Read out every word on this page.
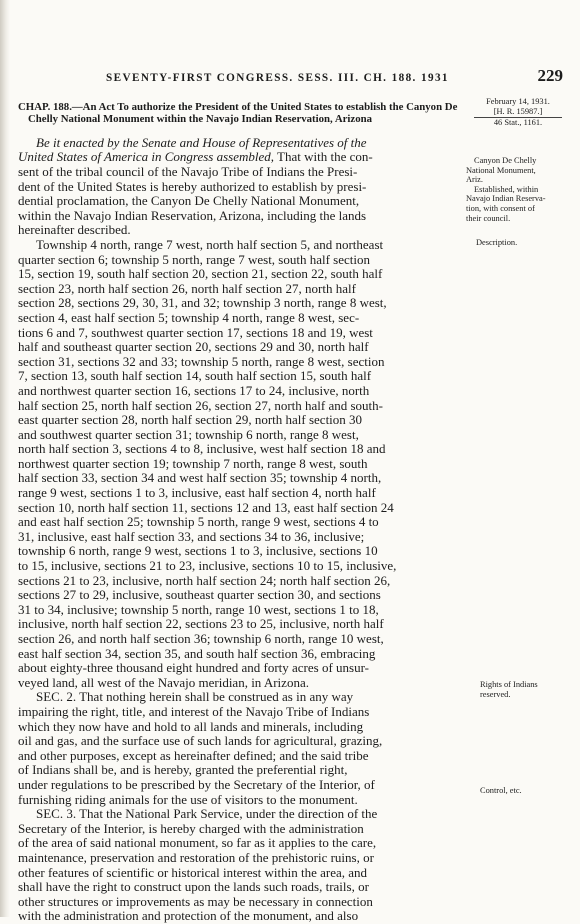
SEVENTY-FIRST CONGRESS. SESS. III. CH. 188. 1931	229

CHAP. 188.—An Act To authorize the President of the United States to establish the Canyon De Chelly National Monument within the Navajo Indian Reservation, Arizona

Be it enacted by the Senate and House of Representatives of the
United States of America in Congress assembled, That with the con-
sent of the tribal council of the Navajo Tribe of Indians the Presi-
dent of the United States is hereby authorized to establish by presi-
dential proclamation, the Canyon De Chelly National Monument,
within the Navajo Indian Reservation, Arizona, including the lands
hereinafter described.
Township 4 north, range 7 west, north half section 5, and northeast
quarter section 6; township 5 north, range 7 west, south half section
15, section 19, south half section 20, section 21, section 22, south half
section 23, north half section 26, north half section 27, north half
section 28, sections 29, 30, 31, and 32; township 3 north, range 8 west,
section 4, east half section 5; township 4 north, range 8 west, sec-
tions 6 and 7, southwest quarter section 17, sections 18 and 19, west
half and southeast quarter section 20, sections 29 and 30, north half
section 31, sections 32 and 33; township 5 north, range 8 west, section
7, section 13, south half section 14, south half section 15, south half
and northwest quarter section 16, sections 17 to 24, inclusive, north
half section 25, north half section 26, section 27, north half and south-
east quarter section 28, north half section 29, north half section 30
and southwest quarter section 31; township 6 north, range 8 west,
north half section 3, sections 4 to 8, inclusive, west half section 18 and
northwest quarter section 19; township 7 north, range 8 west, south
half section 33, section 34 and west half section 35; township 4 north,
range 9 west, sections 1 to 3, inclusive, east half section 4, north half
section 10, north half section 11, sections 12 and 13, east half section 24
and east half section 25; township 5 north, range 9 west, sections 4 to
31, inclusive, east half section 33, and sections 34 to 36, inclusive;
township 6 north, range 9 west, sections 1 to 3, inclusive, sections 10
to 15, inclusive, sections 21 to 23, inclusive, sections 10 to 15, inclusive,
sections 21 to 23, inclusive, north half section 24; north half section 26,
sections 27 to 29, inclusive, southeast quarter section 30, and sections
31 to 34, inclusive; township 5 north, range 10 west, sections 1 to 18,
inclusive, north half section 22, sections 23 to 25, inclusive, north half
section 26, and north half section 36; township 6 north, range 10 west,
east half section 34, section 35, and south half section 36, embracing
about eighty-three thousand eight hundred and forty acres of unsur-
veyed land, all west of the Navajo meridian, in Arizona.
SEC. 2. That nothing herein shall be construed as in any way
impairing the right, title, and interest of the Navajo Tribe of Indians
which they now have and hold to all lands and minerals, including
oil and gas, and the surface use of such lands for agricultural, grazing,
and other purposes, except as hereinafter defined; and the said tribe
of Indians shall be, and is hereby, granted the preferential right,
under regulations to be prescribed by the Secretary of the Interior, of
furnishing riding animals for the use of visitors to the monument.
SEC. 3. That the National Park Service, under the direction of the
Secretary of the Interior, is hereby charged with the administration
of the area of said national monument, so far as it applies to the care,
maintenance, preservation and restoration of the prehistoric ruins, or
other features of scientific or historical interest within the area, and
shall have the right to construct upon the lands such roads, trails, or
other structures or improvements as may be necessary in connection
with the administration and protection of the monument, and also
February 14, 1931.
[H. R. 15987.]
46 Stat., 1161.
Canyon De Chelly
National Monument,
Ariz.
Established, within
Navajo Indian Reserva-
tion, with consent of
their council.
Description.
Rights of Indians reserved.
Control, etc.
